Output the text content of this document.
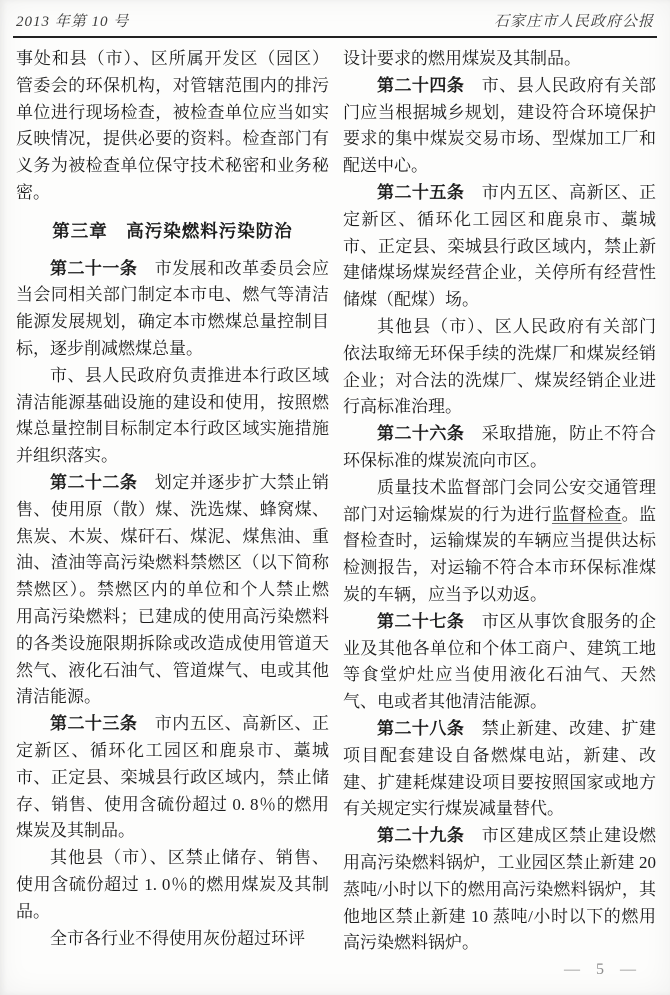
2013 年第 10 号	石家庄市人民政府公报

事处和县（市）、区所属开发区（园区）管委会的环保机构，对管辖范围内的排污单位进行现场检查，被检查单位应当如实反映情况，提供必要的资料。检查部门有义务为被检查单位保守技术秘密和业务秘密。

第三章　高污染燃料污染防治

第二十一条　市发展和改革委员会应当会同相关部门制定本市电、燃气等清洁能源发展规划，确定本市燃煤总量控制目标，逐步削减燃煤总量。

市、县人民政府负责推进本行政区域清洁能源基础设施的建设和使用，按照燃煤总量控制目标制定本行政区域实施措施并组织落实。

第二十二条　划定并逐步扩大禁止销售、使用原（散）煤、洗选煤、蜂窝煤、焦炭、木炭、煤矸石、煤泥、煤焦油、重油、渣油等高污染燃料禁燃区（以下简称禁燃区）。禁燃区内的单位和个人禁止燃用高污染燃料；已建成的使用高污染燃料的各类设施限期拆除或改造成使用管道天然气、液化石油气、管道煤气、电或其他清洁能源。

第二十三条　市内五区、高新区、正定新区、循环化工园区和鹿泉市、藁城市、正定县、栾城县行政区域内，禁止储存、销售、使用含硫份超过 0. 8％的燃用煤炭及其制品。

其他县（市）、区禁止储存、销售、使用含硫份超过 1. 0％的燃用煤炭及其制品。

全市各行业不得使用灰份超过环评

设计要求的燃用煤炭及其制品。

第二十四条　市、县人民政府有关部门应当根据城乡规划，建设符合环境保护要求的集中煤炭交易市场、型煤加工厂和配送中心。

第二十五条　市内五区、高新区、正定新区、循环化工园区和鹿泉市、藁城市、正定县、栾城县行政区域内，禁止新建储煤场煤炭经营企业，关停所有经营性储煤（配煤）场。

其他县（市）、区人民政府有关部门依法取缔无环保手续的洗煤厂和煤炭经销企业；对合法的洗煤厂、煤炭经销企业进行高标准治理。

第二十六条　采取措施，防止不符合环保标准的煤炭流向市区。

质量技术监督部门会同公安交通管理部门对运输煤炭的行为进行监督检查。监督检查时，运输煤炭的车辆应当提供达标检测报告，对运输不符合本市环保标准煤炭的车辆，应当予以劝返。

第二十七条　市区从事饮食服务的企业及其他各单位和个体工商户、建筑工地等食堂炉灶应当使用液化石油气、天然气、电或者其他清洁能源。

第二十八条　禁止新建、改建、扩建项目配套建设自备燃煤电站，新建、改建、扩建耗煤建设项目要按照国家或地方有关规定实行煤炭减量替代。

第二十九条　市区建成区禁止建设燃用高污染燃料锅炉，工业园区禁止新建 20 蒸吨/小时以下的燃用高污染燃料锅炉，其他地区禁止新建 10 蒸吨/小时以下的燃用高污染燃料锅炉。

— 5 —
